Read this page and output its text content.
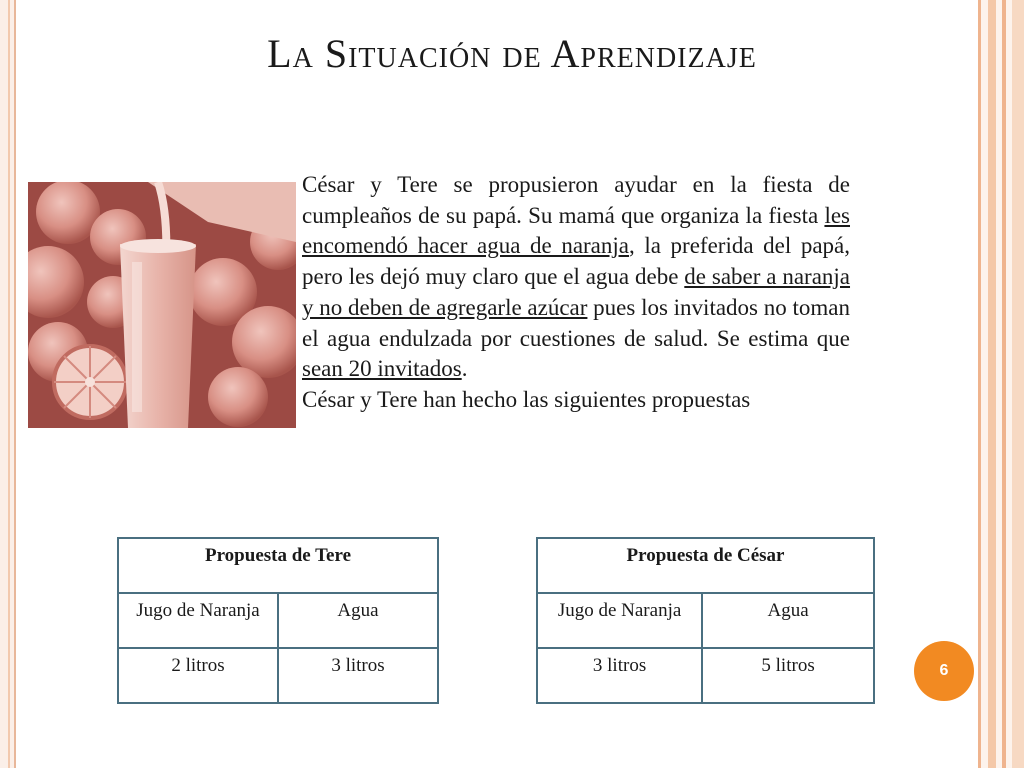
La Situación de Aprendizaje

César y Tere se propusieron ayudar en la fiesta de cumpleaños de su papá. Su mamá que organiza la fiesta les encomendó hacer agua de naranja, la preferida del papá, pero les dejó muy claro que el agua debe de saber a naranja y no deben de agregarle azúcar pues los invitados no toman el agua endulzada por cuestiones de salud. Se estima que sean 20 invitados.

César y Tere han hecho las siguientes propuestas

Propuesta de Tere	
Jugo de Naranja	Agua
2 litros	3 litros
Propuesta de César	
Jugo de Naranja	Agua
3 litros	5 litros	6
